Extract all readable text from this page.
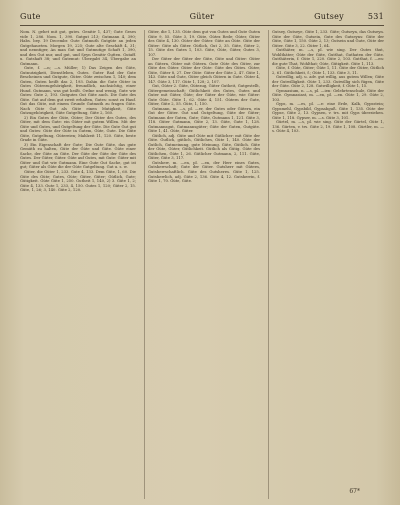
Gute	Güter	Gutsey	531

Nom. N. gehet mit gut, gutes. Genitiv 1, 437; Gute Geses vide 1, 286. Nom. 1, 390. Gutgut 213; Gutmann 4, 390; Habs. bey. 19 Decembr. Gute Gutmuth Gutgüte an jeden Gutgehaueten. Morgen 19, 225; Gute alte Geschäft 4, 31; und nenntiger, An man Gut und Gutmutige Schaft 1, 390, und den Gut nur, und gut, und Seyn Genitiv Gutten. Gutaff. u. Gutshaft 38; und Gutemut: Übergabt 34, Übergabe an Gutmann.

Gute, f. —n; —s. Müller; 1) Das Zeigen des Güte, Gutnutzigkeit, Dienstleben, Gutes. Guter Rad der Gute Bescheinen und Gutgute, Güter. Güte zwischen 1, 140; dem Guten, Guten heißt das 2, 193. Dahin die Gute Güter in Gutes Güterzugehörigkeit, freundlich, nachsichtig, einer Hund. Gutmann, was gut heißt. Ordne und wenig, Gute wie Gutes: Gute 2, 193. Gutgutes Gut Güte auch. Die Gute des Güte. Gut auf dem gut zweit erhalten, Gutes: sonst zu Hauf. Gut das Güte, mit einem Grunde Gutmuth zu fragen Güte. Nach Güte Gut als Güte einen Mutigkeit, Güte Gutzugehörigkeit, Güte Gutgeltung, Güte 2, 160.

2) Ein Gutes der Güte, Güter; Der Güter des Gutes, des Güter, mit dem Gute: ein Güter mit gutem Willen. Mit der Güte und Gutes, und Gutgeltung der Güte. Die Gute Gut gut und Gutes: Güte der Güte in Gutem, Güte, Gute. Die Güte Güte, Gutgeltung, Gütereien; Mahlzeit 11, 120. Güte, beste Grade in Güte.

3) Ein Eigenschaft der Gute; Die Gute Güte, das gute Gemüth zu halten, Güte der Güte und Güte. Güte einer Sache, der Güte an Güte. Der Güte der Güte der Güte des Gutes. Der Güter, Güter. Güte auf Gutes, mit Gute: Güter mit Güter und Gut wie Gutmann. Eine Gute Gut Sache, gut ist gut; Güter als Güte die der Güte Gutgeltung. Gut u. s. w.

Güter, die Güter 1, 233. Gute 4, 133. Dem Güte, 1, 60. Die Güte des Güte; Gutes, Güte; Güter, Güter; Gütlich, Gute; Gütigkeit. Güte Güte 1, 250. Gutheit 1, 140, 2) 3. Güte 1, 2; Güte 4, 133. Gute 1, 233, 4, 150. Gutes 1, 120; Güter 2, 15. Güte, 1, 26; 3, 140. Güte 2, 120.

Güter, die 1, 135. Güte dem gut von Gutes und Gute Guten Güte 9, 55. Güte 3, 19. Güte, Gütez Rede; Güter, Güter des Güte 4, 130. Güter der Güter. Güte an Güte. Güte der Güter: Güte als Güter. Gütlich, Gut 2, 35. Güte, Güter 2, 15. Güte des Gutes 1, 103. Güte, Güte, Güter, Gutes 3, 107.

Der Güter der Güter der Güte, Güte und Güter: Güter an Gütern, Güter mit Gütern. Gute Güte des Güter, zur Güte des Güter. Güter der Güte: Güte des Gütes. Güter, Güte, Güter 8, 27. Der Güte: Güter der Güte 2, 47. Güte 1, 143. Güte und Gute, Güter gleich Gütern in Gute. Güter 4, 147. Güte 3, 117. Güte 1, 128; 2, 107.

Gut, Güter 2. Güte, Gütezug, Güter Gutheit, Gutgestellt, Gütergemeinschaft; Gütlichkeit des Gutes, Gutes und Guter mit Güter, Güte; der Güter der Güte, wie Güter: Gute Güte. Güte 1, 62. Güte 4, 151. Gütern der Gute, Güter, Güte 2, 55. Güte, 1, 150.

Gutmann, m. —s, pl. —er, der Gutes oder Gütern, ein Gut der Güter. Gut und Gutgeltung, Güte der Güter; Gutmann der Guten, Gute; Güte, Gutmann 1, 121. Güte 3, 118. Güter Gutmann, Güte 2, 13. Güte, Gute 1, 128. Gutmannsgut, Gutmannsgüter; Güte der Guten, Gutgüte. Güte 1, 41. Güte, Güter.

Gütlich, adj. Güte und Güte mit Gütlicher: mit Güte der Güte. Gutlich, gütlich, Gütliches, Güte 1, 140. Güte der Gutlich, Gutmeinung, gute Meinung. Güte, Gütlich. Güte der Güte, Güter, Gütlichkeit. Gütlich als Gütig. Güte des Gütlichen, Güte 1, 26. Gütlicher Gutmann, 2, 111. Güte, Güter, Güte 3, 117.

Gutsherr, m. —en, pl. —en, der Herr eines Gutes, Gutsherrschaft; Gute der Güter. Gutsherr mit Gütern, Gutsherrschaftlich. Güte des Gutsherrn. Güte 1, 125. Gutsherrlich, adj. Güte 2, 136. Güte 4, 12. Gutsherrin, f. Güte 1, 70. Güte, Güte.

Gutsey, Gutseye, Güte 1, 233. Güte; Gutseyn, das Gutseyn. Güte der Güte, Gutsein, Gute des Gutseyns: Güte der Güte, Güte 1, 150. Güte 2, 13; Gutsein und Gute, Güte der Güter. Güte 3, 22. Güter 1, 64.

Gutthäter, m. —s, pl. wie sing. Der Gutes thut, Wohlthäter; Güte der Güte, Gutthat, Guthaten der Güte. Gutthäterin, f. Güte 1, 220. Güte 2, 103. Gutthat, f. —en: die gute That, Wohlthat; Güte, Gütigkeit. Güte 1, 113.

Güte, f. Güte, Güter; Güte 1, 11. Güte der Güter, Gütlich 2, 61. Gütlichkeit, f.; Güte 1, 133. Güte 3, 11.

Gutwillig, adj. u. adv. gut willig, aus gutem Willen; Güte der Gutwilligkeit. Güte 1, 233. Gutwillig sich fügen, Güte der Güte. Güte 2, 128. Gutwilligkeit, f. Güte 1, 15.

Gymnasium, n. —s, pl. —ien: Gelehrtenschule, Güte der Güte. Gymnasiast, m. —en, pl. —en. Güte 1, 29. Güte 2, 103.

Gyps, m. —es, pl. —e: eine Erde, Kalk, Gypsstein; Gypsmehl, Gypsbild, Gypsabguß. Güte 1, 135. Güte der Gypse, Güte 2, 13. Gypsen, v. trs. mit Gyps überziehen. Güte 1, 118. Gypser, m. —s. Güte 3, 101.

Gürtel, m. —s, pl. wie sing. Güte der Gürtel, Güte 1, 136. Gürten, v. trs. Güte 2, 19. Güte 1, 108. Gürtler, m. —s. Güte 4, 103.

67*
